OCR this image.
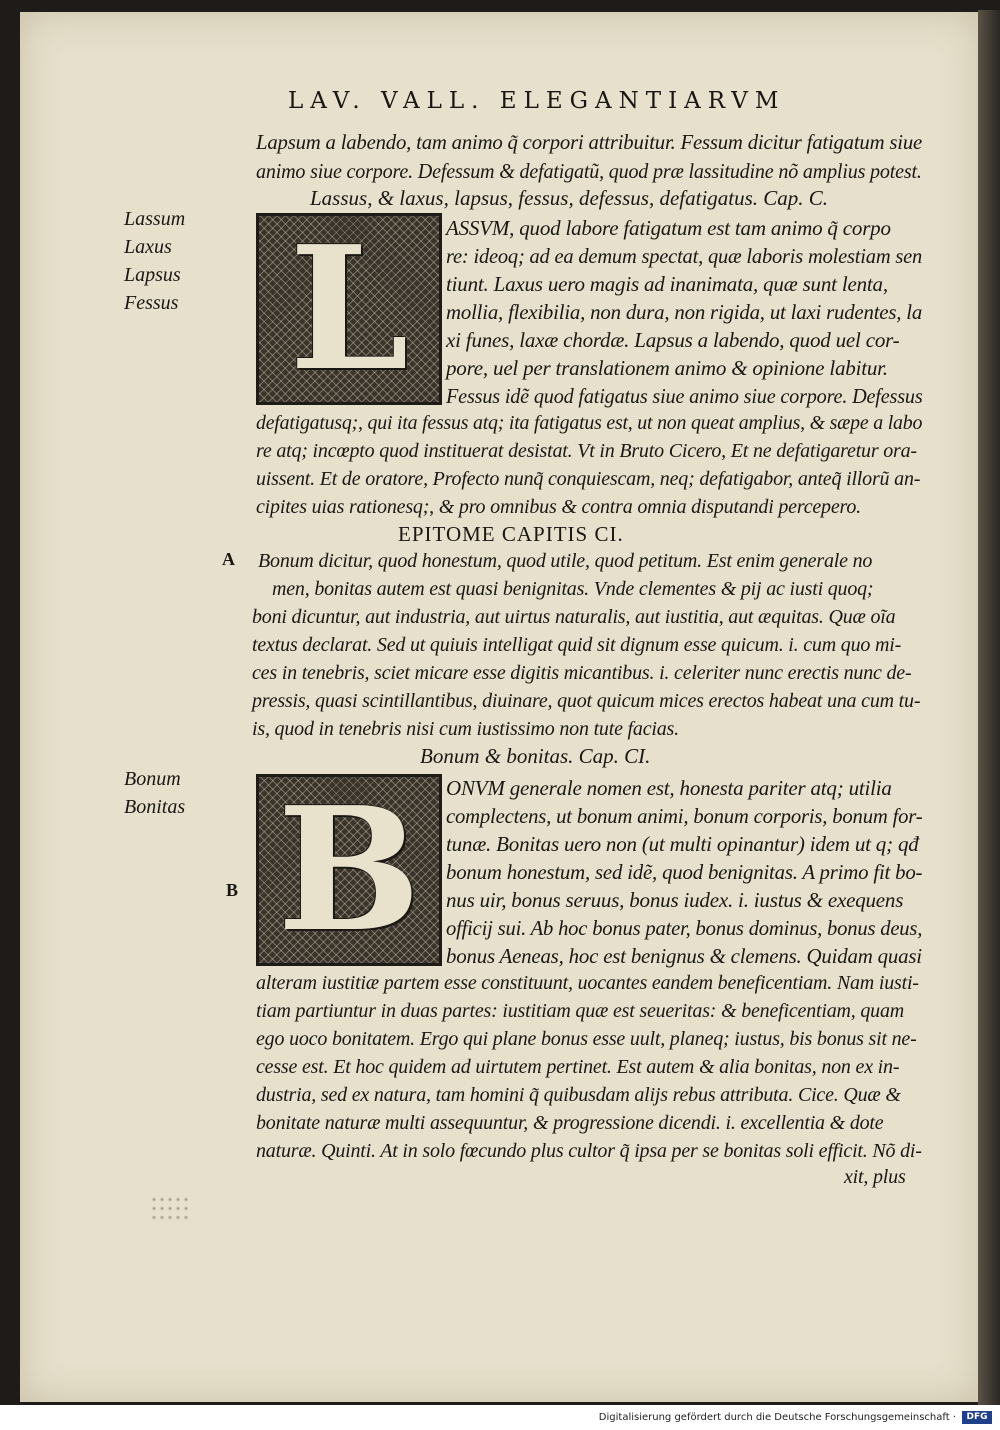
LAV. VALL. ELEGANTIARVM
Lapsum a labendo, tam animo q̃ corpori attribuitur. Fessum dicitur fatigatum siue
animo siue corpore. Defessum & defatigatũ, quod præ lassitudine nõ amplius potest.
Lassus, & laxus, lapsus, fessus, defessus, defatigatus. Cap. C.
Lassum
Laxus
Lapsus
Fessus L	ASSVM, quod labore fatigatum est tam animo q̃ corpo
re: ideoq; ad ea demum spectat, quæ laboris molestiam sen
tiunt. Laxus uero magis ad inanimata, quæ sunt lenta,
mollia, flexibilia, non dura, non rigida, ut laxi rudentes, la
xi funes, laxæ chordæ. Lapsus a labendo, quod uel cor-
pore, uel per translationem animo & opinione labitur.
Fessus idẽ quod fatigatus siue animo siue corpore. Defessus
defatigatusq;, qui ita fessus atq; ita fatigatus est, ut non queat amplius, & sæpe a labo
re atq; incœpto quod instituerat desistat. Vt in Bruto Cicero, Et ne defatigaretur ora-
uissent. Et de oratore, Profecto nunq̃ conquiescam, neq; defatigabor, anteq̃ illorũ an-
cipites uias rationesq;, & pro omnibus & contra omnia disputandi percepero.
EPITOME CAPITIS CI.
A Bonum dicitur, quod honestum, quod utile, quod petitum. Est enim generale no
men, bonitas autem est quasi benignitas. Vnde clementes & pij ac iusti quoq;
boni dicuntur, aut industria, aut uirtus naturalis, aut iustitia, aut æquitas. Quæ oĩa
textus declarat. Sed ut quiuis intelligat quid sit dignum esse quicum. i. cum quo mi-
ces in tenebris, sciet micare esse digitis micantibus. i. celeriter nunc erectis nunc de-
pressis, quasi scintillantibus, diuinare, quot quicum mices erectos habeat una cum tu-
is, quod in tenebris nisi cum iustissimo non tute facias.
Bonum & bonitas. Cap. CI.
Bonum
Bonitas
B B	ONVM generale nomen est, honesta pariter atq; utilia
complectens, ut bonum animi, bonum corporis, bonum for-
tunæ. Bonitas uero non (ut multi opinantur) idem ut q; qđ
bonum honestum, sed idẽ, quod benignitas. A primo fit bo-
nus uir, bonus seruus, bonus iudex. i. iustus & exequens
officij sui. Ab hoc bonus pater, bonus dominus, bonus deus,
bonus Aeneas, hoc est benignus & clemens. Quidam quasi
alteram iustitiæ partem esse constituunt, uocantes eandem beneficentiam. Nam iusti-
tiam partiuntur in duas partes: iustitiam quæ est seueritas: & beneficentiam, quam
ego uoco bonitatem. Ergo qui plane bonus esse uult, planeq; iustus, bis bonus sit ne-
cesse est. Et hoc quidem ad uirtutem pertinet. Est autem & alia bonitas, non ex in-
dustria, sed ex natura, tam homini q̃ quibusdam alijs rebus attributa. Cice. Quæ &
bonitate naturæ multi assequuntur, & progressione dicendi. i. excellentia & dote
naturæ. Quinti. At in solo fœcundo plus cultor q̃ ipsa per se bonitas soli efficit. Nõ di-
xit, plus
Digitalisierung gefördert durch die Deutsche Forschungsgemeinschaft ·	DFG
